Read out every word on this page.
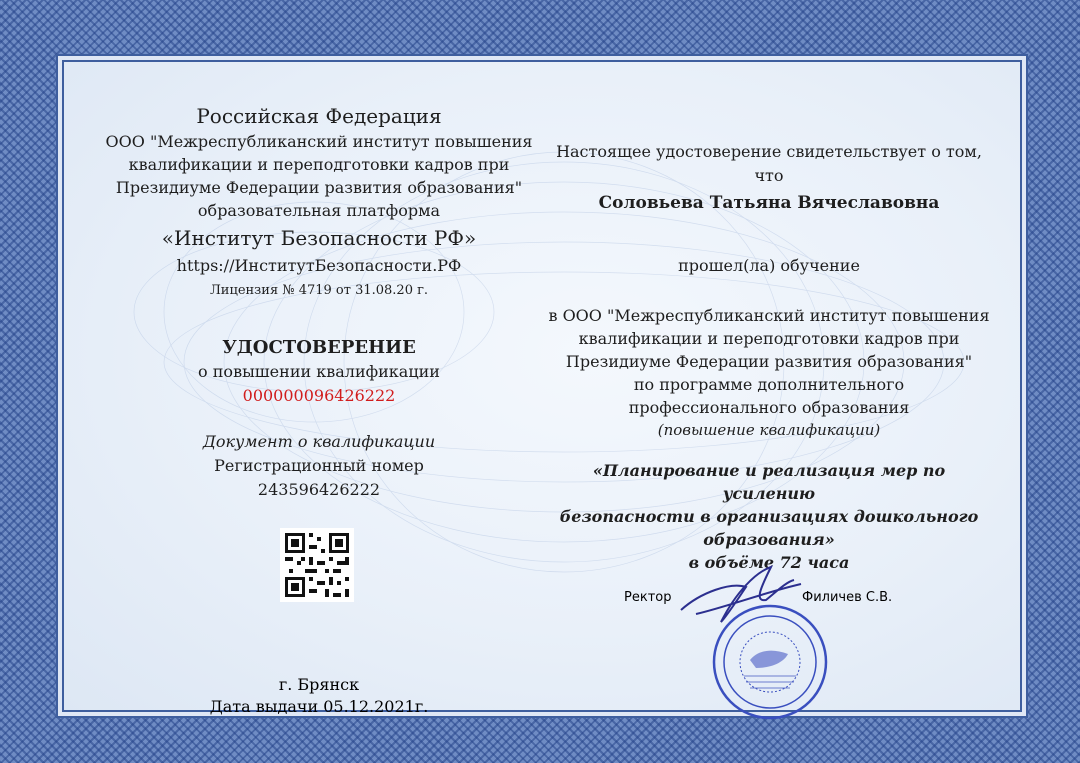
Российская Федерация
ООО "Межреспубликанский институт повышения
квалификации и переподготовки кадров при
Президиуме Федерации развития образования"
образовательная платформа
«Институт Безопасности РФ»
https://ИнститутБезопасности.РФ
Лицензия № 4719 от 31.08.20 г.
УДОСТОВЕРЕНИЕ
о повышении квалификации
000000096426222
Документ о квалификации
Регистрационный номер
243596426222
г. Брянск
Дата выдачи 05.12.2021г.
Настоящее удостоверение свидетельствует о том,
что
Соловьева Татьяна Вячеславовна
прошел(ла) обучение
в ООО "Межреспубликанский институт повышения
квалификации и переподготовки кадров при
Президиуме Федерации развития образования"
по программе дополнительного
профессионального образования
(повышение квалификации)
«Планирование и реализация мер по усилению
безопасности в организациях дошкольного
образования»
в объёме 72 часа
Ректор	Филичев С.В.
